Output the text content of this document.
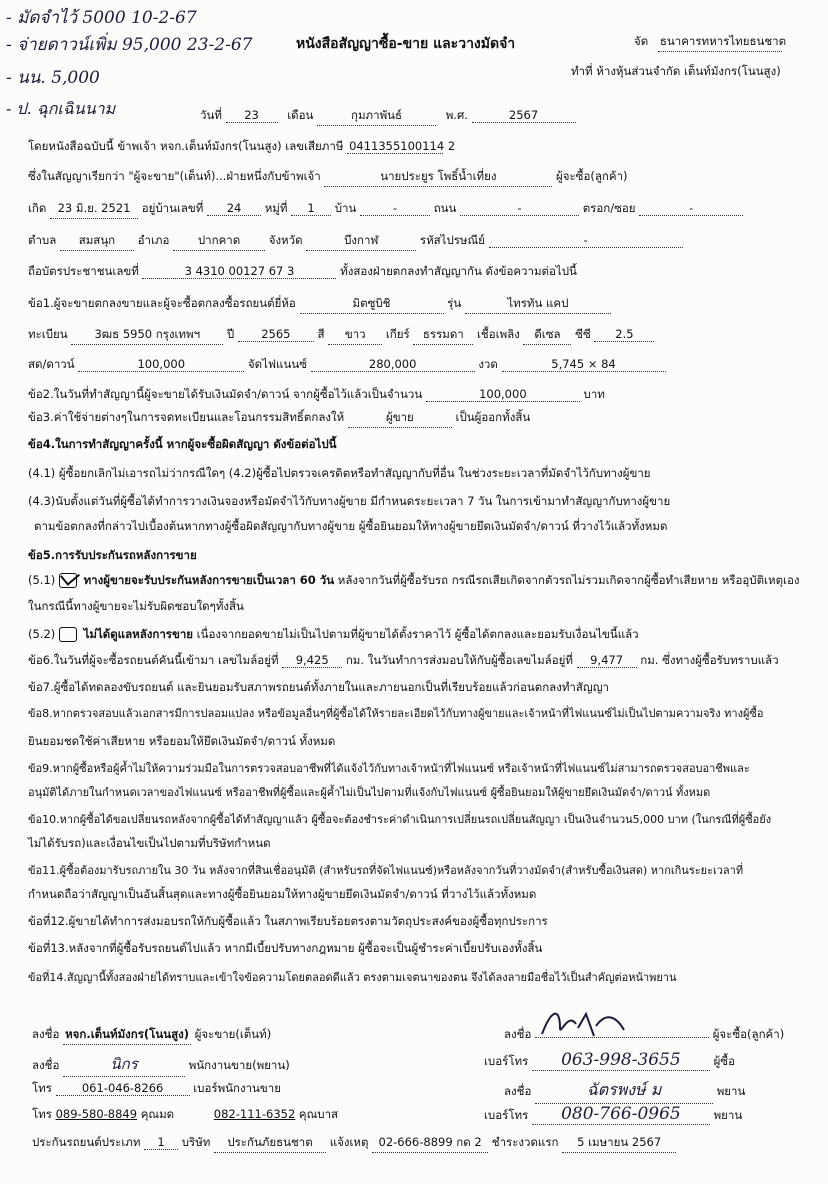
- มัดจำไว้ 5000 10-2-67
- จ่ายดาวน์เพิ่ม 95,000 23-2-67
- นน. 5,000
- ป. ฉุกเฉินนาม
หนังสือสัญญาซื้อ-ขาย และวางมัดจำ	จัด ธนาคารทหารไทยธนชาต
ทำที่ ห้างหุ้นส่วนจำกัด เต็นท์มังกร(โนนสูง)
วันที่ 23 เดือน	กุมภาพันธ์	พ.ศ.	2567
โดยหนังสือฉบับนี้ ข้าพเจ้า หจก.เต็นท์มังกร(โนนสูง) เลขเสียภาษี 0411355100114 2
ซึ่งในสัญญาเรียกว่า "ผู้จะขาย"(เต็นท์)...ฝ่ายหนึ่งกับข้าพเจ้า	นายประยูร โพธิ์น้ำเที่ยง	ผู้จะซื้อ(ลูกค้า)
เกิด 23 มิ.ย. 2521 อยู่บ้านเลขที่ 24 หมู่ที่ 1 บ้าน	-	ถนน	-	ตรอก/ซอย	-
ตำบล สมสนุก อำเภอ ปากคาด จังหวัด	บึงกาฬ	รหัสไปรษณีย์	-
ถือบัตรประชาชนเลขที่	3 4310 00127 67 3	ทั้งสองฝ่ายตกลงทำสัญญากัน ดังข้อความต่อไปนี้
ข้อ1.ผู้จะขายตกลงขายและผู้จะซื้อตกลงซื้อรถยนต์ยี่ห้อ	มิตซูบิชิ	รุ่น	ไทรทัน แคป
ทะเบียน 3ฒธ 5950 กรุงเทพฯ ปี 2565 สี ขาว เกียร์ ธรรมดา เชื้อเพลิง ดีเซล ซีซี 2.5
สด/ดาวน์	100,000	จัดไฟแนนซ์	280,000	งวด	5,745 × 84
ข้อ2.ในวันที่ทำสัญญานี้ผู้จะขายได้รับเงินมัดจำ/ดาวน์ จากผู้ซื้อไว้แล้วเป็นจำนวน	100,000	บาท
ข้อ3.ค่าใช้จ่ายต่างๆในการจดทะเบียนและโอนกรรมสิทธิ์ตกลงให้	ผู้ขาย	เป็นผู้ออกทั้งสิ้น
ข้อ4.ในการทำสัญญาครั้งนี้ หากผู้จะซื้อผิดสัญญา ดังข้อต่อไปนี้
(4.1) ผู้ซื้อยกเลิกไม่เอารถไม่ว่ากรณีใดๆ (4.2)ผู้ซื้อไปตรวจเครดิตหรือทำสัญญากับที่อื่น ในช่วงระยะเวลาที่มัดจำไว้กับทางผู้ขาย
(4.3)นับตั้งแต่วันที่ผู้ซื้อได้ทำการวางเงินจองหรือมัดจำไว้กับทางผู้ขาย มีกำหนดระยะเวลา 7 วัน ในการเข้ามาทำสัญญากับทางผู้ขาย
ตามข้อตกลงที่กล่าวไปเบื้องต้นหากทางผู้ซื้อผิดสัญญากับทางผู้ขาย ผู้ซื้อยินยอมให้ทางผู้ขายยึดเงินมัดจำ/ดาวน์ ที่วางไว้แล้วทั้งหมด
ข้อ5.การรับประกันรถหลังการขาย
(5.1) ทางผู้ขายจะรับประกันหลังการขายเป็นเวลา 60 วัน หลังจากวันที่ผู้ซื้อรับรถ กรณีรถเสียเกิดจากตัวรถไม่รวมเกิดจากผู้ซื้อทำเสียหาย หรืออุบัติเหตุเอง
ในกรณีนี้ทางผู้ขายจะไม่รับผิดชอบใดๆทั้งสิ้น
(5.2) ไม่ได้ดูแลหลังการขาย เนื่องจากยอดขายไม่เป็นไปตามที่ผู้ขายได้ตั้งราคาไว้ ผู้ซื้อได้ตกลงและยอมรับเงื่อนไขนี้แล้ว
ข้อ6.ในวันที่ผู้จะซื้อรถยนต์คันนี้เข้ามา เลขไมล์อยู่ที่ 9,425 กม. ในวันทำการส่งมอบให้กับผู้ซื้อเลขไมล์อยู่ที่ 9,477 กม. ซึ่งทางผู้ซื้อรับทราบแล้ว
ข้อ7.ผู้ซื้อได้ทดลองขับรถยนต์ และยินยอมรับสภาพรถยนต์ทั้งภายในและภายนอกเป็นที่เรียบร้อยแล้วก่อนตกลงทำสัญญา
ข้อ8.หากตรวจสอบแล้วเอกสารมีการปลอมแปลง หรือข้อมูลอื่นๆที่ผู้ซื้อได้ให้รายละเอียดไว้กับทางผู้ขายและเจ้าหน้าที่ไฟแนนซ์ไม่เป็นไปตามความจริง ทางผู้ซื้อ
ยินยอมชดใช้ค่าเสียหาย หรือยอมให้ยึดเงินมัดจำ/ดาวน์ ทั้งหมด
ข้อ9.หากผู้ซื้อหรือผู้ค้ำไม่ให้ความร่วมมือในการตรวจสอบอาชีพที่ได้แจ้งไว้กับทางเจ้าหน้าที่ไฟแนนซ์ หรือเจ้าหน้าที่ไฟแนนซ์ไม่สามารถตรวจสอบอาชีพและ
อนุมัติได้ภายในกำหนดเวลาของไฟแนนซ์ หรืออาชีพที่ผู้ซื้อและผู้ค้ำไม่เป็นไปตามที่แจ้งกับไฟแนนซ์ ผู้ซื้อยินยอมให้ผู้ขายยึดเงินมัดจำ/ดาวน์ ทั้งหมด
ข้อ10.หากผู้ซื้อได้ขอเปลี่ยนรถหลังจากผู้ซื้อได้ทำสัญญาแล้ว ผู้ซื้อจะต้องชำระค่าดำเนินการเปลี่ยนรถเปลี่ยนสัญญา เป็นเงินจำนวน5,000 บาท (ในกรณีที่ผู้ซื้อยัง
ไม่ได้รับรถ)และเงื่อนไขเป็นไปตามที่บริษัทกำหนด
ข้อ11.ผู้ซื้อต้องมารับรถภายใน 30 วัน หลังจากที่สินเชื่ออนุมัติ (สำหรับรถที่จัดไฟแนนซ์)หรือหลังจากวันที่วางมัดจำ(สำหรับซื้อเงินสด) หากเกินระยะเวลาที่
กำหนดถือว่าสัญญาเป็นอันสิ้นสุดและทางผู้ซื้อยินยอมให้ทางผู้ขายยึดเงินมัดจำ/ดาวน์ ที่วางไว้แล้วทั้งหมด
ข้อที่12.ผู้ขายได้ทำการส่งมอบรถให้กับผู้ซื้อแล้ว ในสภาพเรียบร้อยตรงตามวัตถุประสงค์ของผู้ซื้อทุกประการ
ข้อที่13.หลังจากที่ผู้ซื้อรับรถยนต์ไปแล้ว หากมีเบี้ยปรับทางกฎหมาย ผู้ซื้อจะเป็นผู้ชำระค่าเบี้ยปรับเองทั้งสิ้น
ข้อที่14.สัญญานี้ทั้งสองฝ่ายได้ทราบและเข้าใจข้อความโดยตลอดดีแล้ว ตรงตามเจตนาของตน จึงได้ลงลายมือชื่อไว้เป็นสำคัญต่อหน้าพยาน
ลงชื่อ หจก.เต็นท์มังกร(โนนสูง) ผู้จะขาย(เต็นท์)
ลงชื่อ	นิกร	พนักงานขาย(พยาน)
โทร	061-046-8266	เบอร์พนักงานขาย
โทร 089-580-8849 คุณมด	082-111-6352 คุณบาส
ลงชื่อ	ผู้จะซื้อ(ลูกค้า)
เบอร์โทร 063-998-3655	ผู้ซื้อ
ลงชื่อ	ฉัตรพงษ์ ม	พยาน
เบอร์โทร 080-766-0965	พยาน
ประกันรถยนต์ประเภท 1 บริษัท ประกันภัยธนชาต แจ้งเหตุ 02-666-8899 กด 2 ชำระงวดแรก 5 เมษายน 2567
